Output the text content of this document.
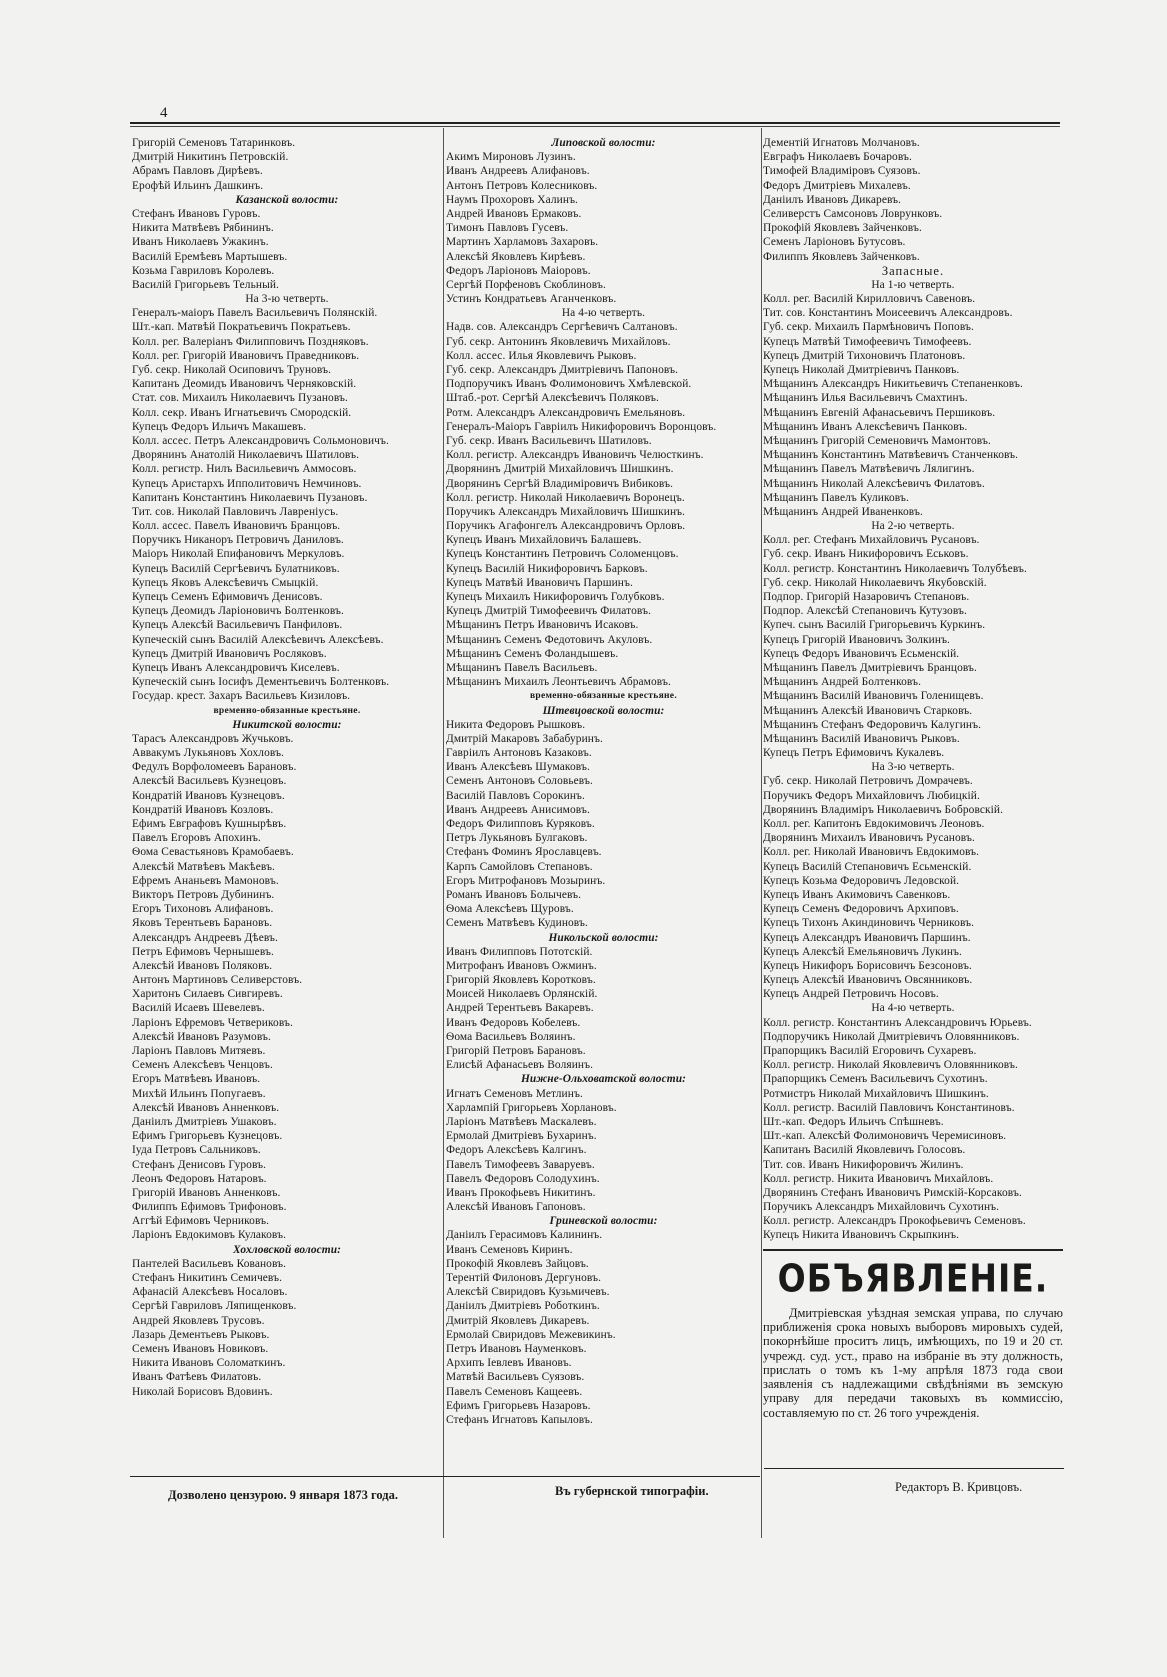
4
Григорій Семеновъ Татаринковъ.
Дмитрій Никитинъ Петровскій.
Абрамъ Павловъ Дирѣевъ.
Ерофѣй Ильинъ Дашкинъ.
Казанской волости:
Стефанъ Ивановъ Гуровъ.
Никита Матвѣевъ Рябининъ.
Иванъ Николаевъ Ужакинъ.
Василій Еремѣевъ Мартышевъ.
Козьма Гавриловъ Королевъ.
Василій Григорьевъ Тельный.
На 3-ю четверть.
Генералъ-маіоръ Павелъ Васильевичъ Полянскій.
Шт.-кап. Матвѣй Пократьевичъ Пократьевъ.
Колл. рег. Валеріанъ Филипповичъ Поздняковъ.
Колл. рег. Григорій Ивановичъ Праведниковъ.
Губ. секр. Николай Осиповичъ Труновъ.
Капитанъ Деомидъ Ивановичъ Черняковскій.
Стат. сов. Михаилъ Николаевичъ Пузановъ.
Колл. секр. Иванъ Игнатьевичъ Смородскій.
Купецъ Федоръ Ильичъ Макашевъ.
Колл. ассес. Петръ Александровичъ Сольмоновичъ.
Дворянинъ Анатолій Николаевичъ Шатиловъ.
Колл. регистр. Нилъ Васильевичъ Аммосовъ.
Купецъ Аристархъ Ипполитовичъ Немчиновъ.
Капитанъ Константинъ Николаевичъ Пузановъ.
Тит. сов. Николай Павловичъ Лавреніусъ.
Колл. ассес. Павелъ Ивановичъ Бранцовъ.
Поручикъ Никаноръ Петровичъ Даниловъ.
Маіоръ Николай Епифановичъ Меркуловъ.
Купецъ Василій Сергѣевичъ Булатниковъ.
Купецъ Яковъ Алексѣевичъ Смыцкій.
Купецъ Семенъ Ефимовичъ Денисовъ.
Купецъ Деомидъ Ларіоновичъ Болтенковъ.
Купецъ Алексѣй Васильевичъ Панфиловъ.
Купеческій сынъ Василій Алексѣевичъ Алексѣевъ.
Купецъ Дмитрій Ивановичъ Росляковъ.
Купецъ Иванъ Александровичъ Киселевъ.
Купеческій сынъ Іосифъ Дементьевичъ Болтенковъ.
Государ. крест. Захаръ Васильевъ Кизиловъ.
временно-обязанные крестьяне.
Никитской волости:
Тарасъ Александровъ Жучьковъ.
Аввакумъ Лукьяновъ Хохловъ.
Федулъ Ворфоломеевъ Барановъ.
Алексѣй Васильевъ Кузнецовъ.
Кондратій Ивановъ Кузнецовъ.
Кондратій Ивановъ Козловъ.
Ефимъ Евграфовъ Кушнырѣвъ.
Павелъ Егоровъ Апохинъ.
Ѳома Севастьяновъ Крамобаевъ.
Алексѣй Матвѣевъ Макѣевъ.
Ефремъ Ананьевъ Мамоновъ.
Викторъ Петровъ Дубининъ.
Егоръ Тихоновъ Алифановъ.
Яковъ Терентьевъ Барановъ.
Александръ Андреевъ Дѣевъ.
Петръ Ефимовъ Чернышевъ.
Алексѣй Ивановъ Поляковъ.
Антонъ Мартиновъ Селиверстовъ.
Харитонъ Силаевъ Сивгиревъ.
Василій Исаевъ Шевелевъ.
Ларіонъ Ефремовъ Четвериковъ.
Алексѣй Ивановъ Разумовъ.
Ларіонъ Павловъ Митяевъ.
Семенъ Алексѣевъ Ченцовъ.
Егоръ Матвѣевъ Ивановъ.
Михѣй Ильинъ Попугаевъ.
Алексѣй Ивановъ Анненковъ.
Даніилъ Дмитріевъ Ушаковъ.
Ефимъ Григорьевъ Кузнецовъ.
Іуда Петровъ Сальниковъ.
Стефанъ Денисовъ Гуровъ.
Леонъ Федоровъ Натаровъ.
Григорій Ивановъ Анненковъ.
Филиппъ Ефимовъ Трифоновъ.
Аггѣй Ефимовъ Черниковъ.
Ларіонъ Евдокимовъ Кулаковъ.
Хохловской волости:
Пантелей Васильевъ Ковановъ.
Стефанъ Никитинъ Семичевъ.
Афанасій Алексѣевъ Носаловъ.
Сергѣй Гавриловъ Ляпищенковъ.
Андрей Яковлевъ Трусовъ.
Лазарь Дементьевъ Рыковъ.
Семенъ Ивановъ Новиковъ.
Никита Ивановъ Соломаткинъ.
Иванъ Фатѣевъ Филатовъ.
Николай Борисовъ Вдовинъ.
Липовской волости:
Акимъ Мироновъ Лузинъ.
Иванъ Андреевъ Алифановъ.
Антонъ Петровъ Колесниковъ.
Наумъ Прохоровъ Халинъ.
Андрей Ивановъ Ермаковъ.
Тимонъ Павловъ Гусевъ.
Мартинъ Харламовъ Захаровъ.
Алексѣй Яковлевъ Кирѣевъ.
Федоръ Ларіоновъ Маіоровъ.
Сергѣй Порфеновъ Скоблиновъ.
Устинъ Кондратьевъ Аганченковъ.
На 4-ю четверть.
Надв. сов. Александръ Сергѣевичъ Салтановъ.
Губ. секр. Антонинъ Яковлевичъ Михайловъ.
Колл. ассес. Илья Яковлевичъ Рыковъ.
Губ. секр. Александръ Дмитріевичъ Папоновъ.
Подпоручикъ Иванъ Фолимоновичъ Хмѣлевской.
Штаб.-рот. Сергѣй Алексѣевичъ Поляковъ.
Ротм. Александръ Александровичъ Емельяновъ.
Генералъ-Маіоръ Гавріилъ Никифоровичъ Воронцовъ.
Губ. секр. Иванъ Васильевичъ Шатиловъ.
Колл. регистр. Александръ Ивановичъ Челюсткинъ.
Дворянинъ Дмитрій Михайловичъ Шишкинъ.
Дворянинъ Сергѣй Владиміровичъ Вибиковъ.
Колл. регистр. Николай Николаевичъ Воронецъ.
Поручикъ Александръ Михайловичъ Шишкинъ.
Поручикъ Агафонгелъ Александровичъ Орловъ.
Купецъ Иванъ Михайловичъ Балашевъ.
Купецъ Константинъ Петровичъ Соломенцовъ.
Купецъ Василій Никифоровичъ Барковъ.
Купецъ Матвѣй Ивановичъ Паршинъ.
Купецъ Михаилъ Никифоровичъ Голубковъ.
Купецъ Дмитрій Тимофеевичъ Филатовъ.
Мѣщанинъ Петръ Ивановичъ Исаковъ.
Мѣщанинъ Семенъ Федотовичъ Акуловъ.
Мѣщанинъ Семенъ Фоландышевъ.
Мѣщанинъ Павелъ Васильевъ.
Мѣщанинъ Михаилъ Леонтьевичъ Абрамовъ.
временно-обязанные крестьяне.
Штевцовской волости:
Никита Федоровъ Рышковъ.
Дмитрій Макаровъ Забабуринъ.
Гавріилъ Антоновъ Казаковъ.
Иванъ Алексѣевъ Шумаковъ.
Семенъ Антоновъ Соловьевъ.
Василій Павловъ Сорокинъ.
Иванъ Андреевъ Анисимовъ.
Федоръ Филипповъ Куряковъ.
Петръ Лукьяновъ Булгаковъ.
Стефанъ Фоминъ Ярославцевъ.
Карпъ Самойловъ Степановъ.
Егоръ Митрофановъ Мозыринъ.
Романъ Ивановъ Болычевъ.
Ѳома Алексѣевъ Щуровъ.
Семенъ Матвѣевъ Кудиновъ.
Никольской волости:
Иванъ Филипповъ Пототскій.
Митрофанъ Ивановъ Ожминъ.
Григорій Яковлевъ Коротковъ.
Моисей Николаевъ Орлянскій.
Андрей Терентьевъ Вакаревъ.
Иванъ Федоровъ Кобелевъ.
Ѳома Васильевъ Воляинъ.
Григорій Петровъ Барановъ.
Елисѣй Афанасьевъ Воляинъ.
Нижне-Ольховатской волости:
Игнатъ Семеновъ Метлинъ.
Харлампій Григорьевъ Хорлановъ.
Ларіонъ Матвѣевъ Маскалевъ.
Ермолай Дмитріевъ Бухаринъ.
Федоръ Алексѣевъ Калгинъ.
Павелъ Тимофеевъ Заваруевъ.
Павелъ Федоровъ Солодухинъ.
Иванъ Прокофьевъ Никитинъ.
Алексѣй Ивановъ Гапоновъ.
Гриневской волости:
Даніилъ Герасимовъ Калининъ.
Иванъ Семеновъ Киринъ.
Прокофій Яковлевъ Зайцовъ.
Терентій Филоновъ Дергуновъ.
Алексѣй Свиридовъ Кузьмичевъ.
Даніилъ Дмитріевъ Роботкинъ.
Дмитрій Яковлевъ Дикаревъ.
Ермолай Свиридовъ Межевикинъ.
Петръ Ивановъ Науменковъ.
Архипъ Іевлевъ Ивановъ.
Матвѣй Васильевъ Суязовъ.
Павелъ Семеновъ Кащеевъ.
Ефимъ Григорьевъ Назаровъ.
Стефанъ Игнатовъ Капыловъ.
Дементій Игнатовъ Молчановъ.
Евграфъ Николаевъ Бочаровъ.
Тимофей Владиміровъ Суязовъ.
Федоръ Дмитріевъ Михалевъ.
Даніилъ Ивановъ Дикаревъ.
Селиверстъ Самсоновъ Ловрунковъ.
Прокофій Яковлевъ Зайченковъ.
Семенъ Ларіоновъ Бутусовъ.
Филиппъ Яковлевъ Зайченковъ.
Запасные.
На 1-ю четверть.
Колл. рег. Василій Кирилловичъ Савеновъ.
Тит. сов. Константинъ Моисеевичъ Александровъ.
Губ. секр. Михаилъ Пармѣновичъ Поповъ.
Купецъ Матвѣй Тимофеевичъ Тимофеевъ.
Купецъ Дмитрій Тихоновичъ Платоновъ.
Купецъ Николай Дмитріевичъ Панковъ.
Мѣщанинъ Александръ Никитьевичъ Степаненковъ.
Мѣщанинъ Илья Васильевичъ Смахтинъ.
Мѣщанинъ Евгеній Афанасьевичъ Першиковъ.
Мѣщанинъ Иванъ Алексѣевичъ Панковъ.
Мѣщанинъ Григорій Семеновичъ Мамонтовъ.
Мѣщанинъ Константинъ Матвѣевичъ Станченковъ.
Мѣщанинъ Павелъ Матвѣевичъ Лялигинъ.
Мѣщанинъ Николай Алексѣевичъ Филатовъ.
Мѣщанинъ Павелъ Куликовъ.
Мѣщанинъ Андрей Иваненковъ.
На 2-ю четверть.
Колл. рег. Стефанъ Михайловичъ Русановъ.
Губ. секр. Иванъ Никифоровичъ Еськовъ.
Колл. регистр. Константинъ Николаевичъ Толубѣевъ.
Губ. секр. Николай Николаевичъ Якубовскій.
Подпор. Григорій Назаровичъ Степановъ.
Подпор. Алексѣй Степановичъ Кутузовъ.
Купеч. сынъ Василій Григорьевичъ Куркинъ.
Купецъ Григорій Ивановичъ Золкинъ.
Купецъ Федоръ Ивановичъ Есьменскій.
Мѣщанинъ Павелъ Дмитріевичъ Бранцовъ.
Мѣщанинъ Андрей Болтенковъ.
Мѣщанинъ Василій Ивановичъ Голенищевъ.
Мѣщанинъ Алексѣй Ивановичъ Старковъ.
Мѣщанинъ Стефанъ Федоровичъ Калугинъ.
Мѣщанинъ Василій Ивановичъ Рыковъ.
Купецъ Петръ Ефимовичъ Кукалевъ.
На 3-ю четверть.
Губ. секр. Николай Петровичъ Домрачевъ.
Поручикъ Федоръ Михайловичъ Любицкій.
Дворянинъ Владиміръ Николаевичъ Бобровскій.
Колл. рег. Капитонъ Евдокимовичъ Леоновъ.
Дворянинъ Михаилъ Ивановичъ Русановъ.
Колл. рег. Николай Ивановичъ Евдокимовъ.
Купецъ Василій Степановичъ Есьменскій.
Купецъ Козьма Федоровичъ Ледовской.
Купецъ Иванъ Акимовичъ Савенковъ.
Купецъ Семенъ Федоровичъ Архиповъ.
Купецъ Тихонъ Акиндиновичъ Черниковъ.
Купецъ Александръ Ивановичъ Паршинъ.
Купецъ Алексѣй Емельяновичъ Лукинъ.
Купецъ Никифоръ Борисовичъ Безсоновъ.
Купецъ Алексѣй Ивановичъ Овсянниковъ.
Купецъ Андрей Петровичъ Носовъ.
На 4-ю четверть.
Колл. регистр. Константинъ Александровичъ Юрьевъ.
Подпоручикъ Николай Дмитріевичъ Оловянниковъ.
Прапорщикъ Василій Егоровичъ Сухаревъ.
Колл. регистр. Николай Яковлевичъ Оловянниковъ.
Прапорщикъ Семенъ Васильевичъ Сухотинъ.
Ротмистръ Николай Михайловичъ Шишкинъ.
Колл. регистр. Василій Павловичъ Константиновъ.
Шт.-кап. Федоръ Ильичъ Спѣшневъ.
Шт.-кап. Алексѣй Фолимоновичъ Черемисиновъ.
Капитанъ Василій Яковлевичъ Голосовъ.
Тит. сов. Иванъ Никифоровичъ Жилинъ.
Колл. регистр. Никита Ивановичъ Михайловъ.
Дворянинъ Стефанъ Ивановичъ Римскій-Корсаковъ.
Поручикъ Александръ Михайловичъ Сухотинъ.
Колл. регистр. Александръ Прокофьевичъ Семеновъ.
Купецъ Никита Ивановичъ Скрыпкинъ.
ОБЪЯВЛЕНІЕ.
Дмитріевская уѣздная земская управа, по случаю приближенія срока новыхъ выборовъ мировыхъ судей, покорнѣйше проситъ лицъ, имѣющихъ, по 19 и 20 ст. учрежд. суд. уст., право на избраніе въ эту должность, прислать о томъ къ 1-му апрѣля 1873 года свои заявленія съ надлежащими свѣдѣніями въ земскую управу для передачи таковыхъ въ коммиссію, составляемую по ст. 26 того учрежденія.
Дозволено цензурою. 9 января 1873 года.	Въ губернской типографіи.	Редакторъ В. Кривцовъ.
